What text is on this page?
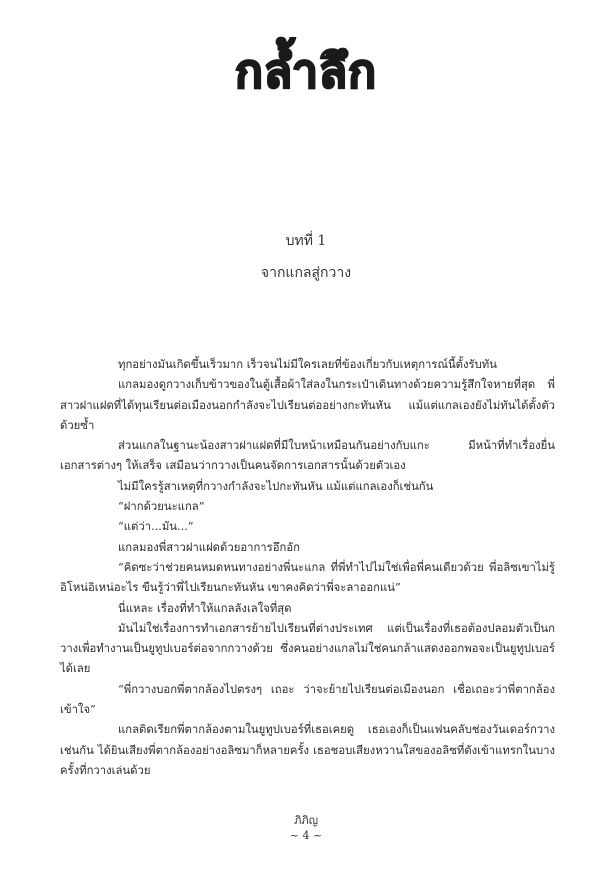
กล้ำลึก
บทที่ 1
จากแกลสู่กวาง

ทุกอย่างมันเกิดขึ้นเร็วมาก เร็วจนไม่มีใครเลยที่ข้องเกี่ยวกับเหตุการณ์นี้ตั้งรับทัน

แกลมองดูกวางเก็บข้าวของในตู้เสื้อผ้าใส่ลงในกระเป๋าเดินทางด้วยความรู้สึกใจหายที่สุด พี่สาวฝาแฝดที่ได้ทุนเรียนต่อเมืองนอกกำลังจะไปเรียนต่ออย่างกะทันหัน แม้แต่แกลเองยังไม่ทันได้ตั้งตัวด้วยซ้ำ

ส่วนแกลในฐานะน้องสาวฝาแฝดที่มีใบหน้าเหมือนกันอย่างกับแกะ มีหน้าที่ทำเรื่องยื่นเอกสารต่างๆ ให้เสร็จ เสมือนว่ากวางเป็นคนจัดการเอกสารนั้นด้วยตัวเอง

ไม่มีใครรู้สาเหตุที่กวางกำลังจะไปกะทันหัน แม้แต่แกลเองก็เช่นกัน

“ฝากด้วยนะแกล”

“แต่ว่า...มัน...”

แกลมองพี่สาวฝาแฝดด้วยอาการอึกอัก

“คิดซะว่าช่วยคนหมดหนทางอย่างพี่นะแกล ที่พี่ทำไปไม่ใช่เพื่อพี่คนเดียวด้วย พี่อลิซเขาไม่รู้อิโหน่อิเหน่อะไร ขืนรู้ว่าพี่ไปเรียนกะทันหัน เขาคงคิดว่าพี่จะลาออกแน่”

นี่แหละ เรื่องที่ทำให้แกลลังเลใจที่สุด

มันไม่ใช่เรื่องการทำเอกสารย้ายไปเรียนที่ต่างประเทศ แต่เป็นเรื่องที่เธอต้องปลอมตัวเป็นกวางเพื่อทำงานเป็นยูทูปเบอร์ต่อจากกวางด้วย ซึ่งคนอย่างแกลไม่ใช่คนกล้าแสดงออกพอจะเป็นยูทูปเบอร์ได้เลย

“พี่กวางบอกพี่ตากล้องไปตรงๆ เถอะ ว่าจะย้ายไปเรียนต่อเมืองนอก เชื่อเถอะว่าพี่ตากล้องเข้าใจ”

แกลติดเรียกพี่ตากล้องตามในยูทูปเบอร์ที่เธอเคยดู เธอเองก็เป็นแฟนคลับช่องวันเดอร์กวางเช่นกัน ได้ยินเสียงพี่ตากล้องอย่างอลิซมาก็หลายครั้ง เธอชอบเสียงหวานใสของอลิซที่ดังเข้าแทรกในบางครั้งที่กวางเล่นด้วย

ภิภิญ
~ 4 ~
